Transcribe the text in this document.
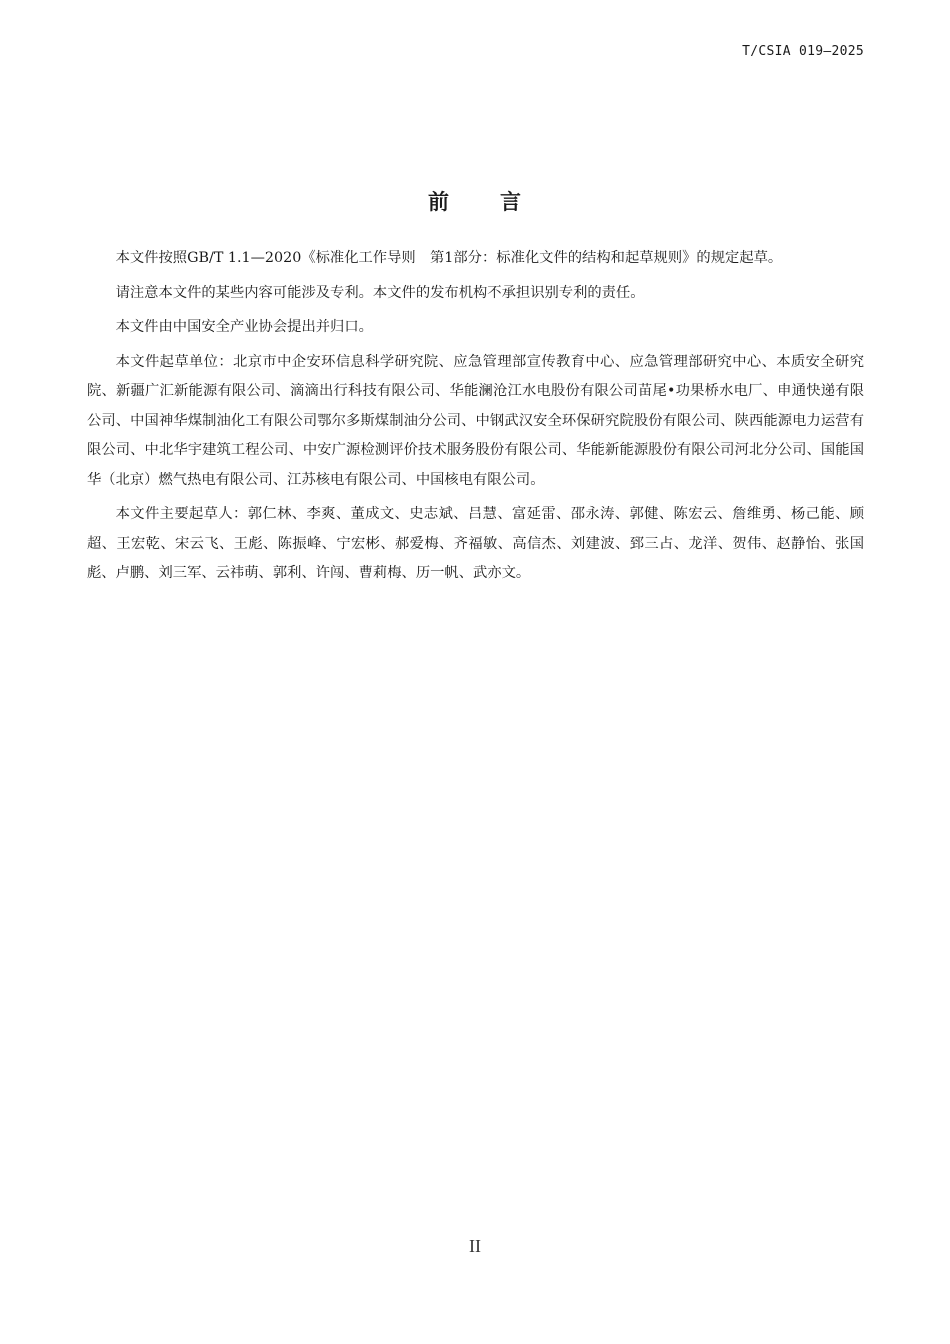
T/CSIA 019—2025
前 言

本文件按照GB/T 1.1—2020《标准化工作导则　第1部分：标准化文件的结构和起草规则》的规定起草。

请注意本文件的某些内容可能涉及专利。本文件的发布机构不承担识别专利的责任。

本文件由中国安全产业协会提出并归口。

本文件起草单位：北京市中企安环信息科学研究院、应急管理部宣传教育中心、应急管理部研究中心、本质安全研究院、新疆广汇新能源有限公司、滴滴出行科技有限公司、华能澜沧江水电股份有限公司苗尾•功果桥水电厂、申通快递有限公司、中国神华煤制油化工有限公司鄂尔多斯煤制油分公司、中钢武汉安全环保研究院股份有限公司、陕西能源电力运营有限公司、中北华宇建筑工程公司、中安广源检测评价技术服务股份有限公司、华能新能源股份有限公司河北分公司、国能国华（北京）燃气热电有限公司、江苏核电有限公司、中国核电有限公司。

本文件主要起草人：郭仁林、李爽、董成文、史志斌、吕慧、富延雷、邵永涛、郭健、陈宏云、詹维勇、杨己能、顾超、王宏乾、宋云飞、王彪、陈振峰、宁宏彬、郝爱梅、齐福敏、高信杰、刘建波、郅三占、龙洋、贺伟、赵静怡、张国彪、卢鹏、刘三军、云祎萌、郭利、许闯、曹莉梅、历一帆、武亦文。

II
